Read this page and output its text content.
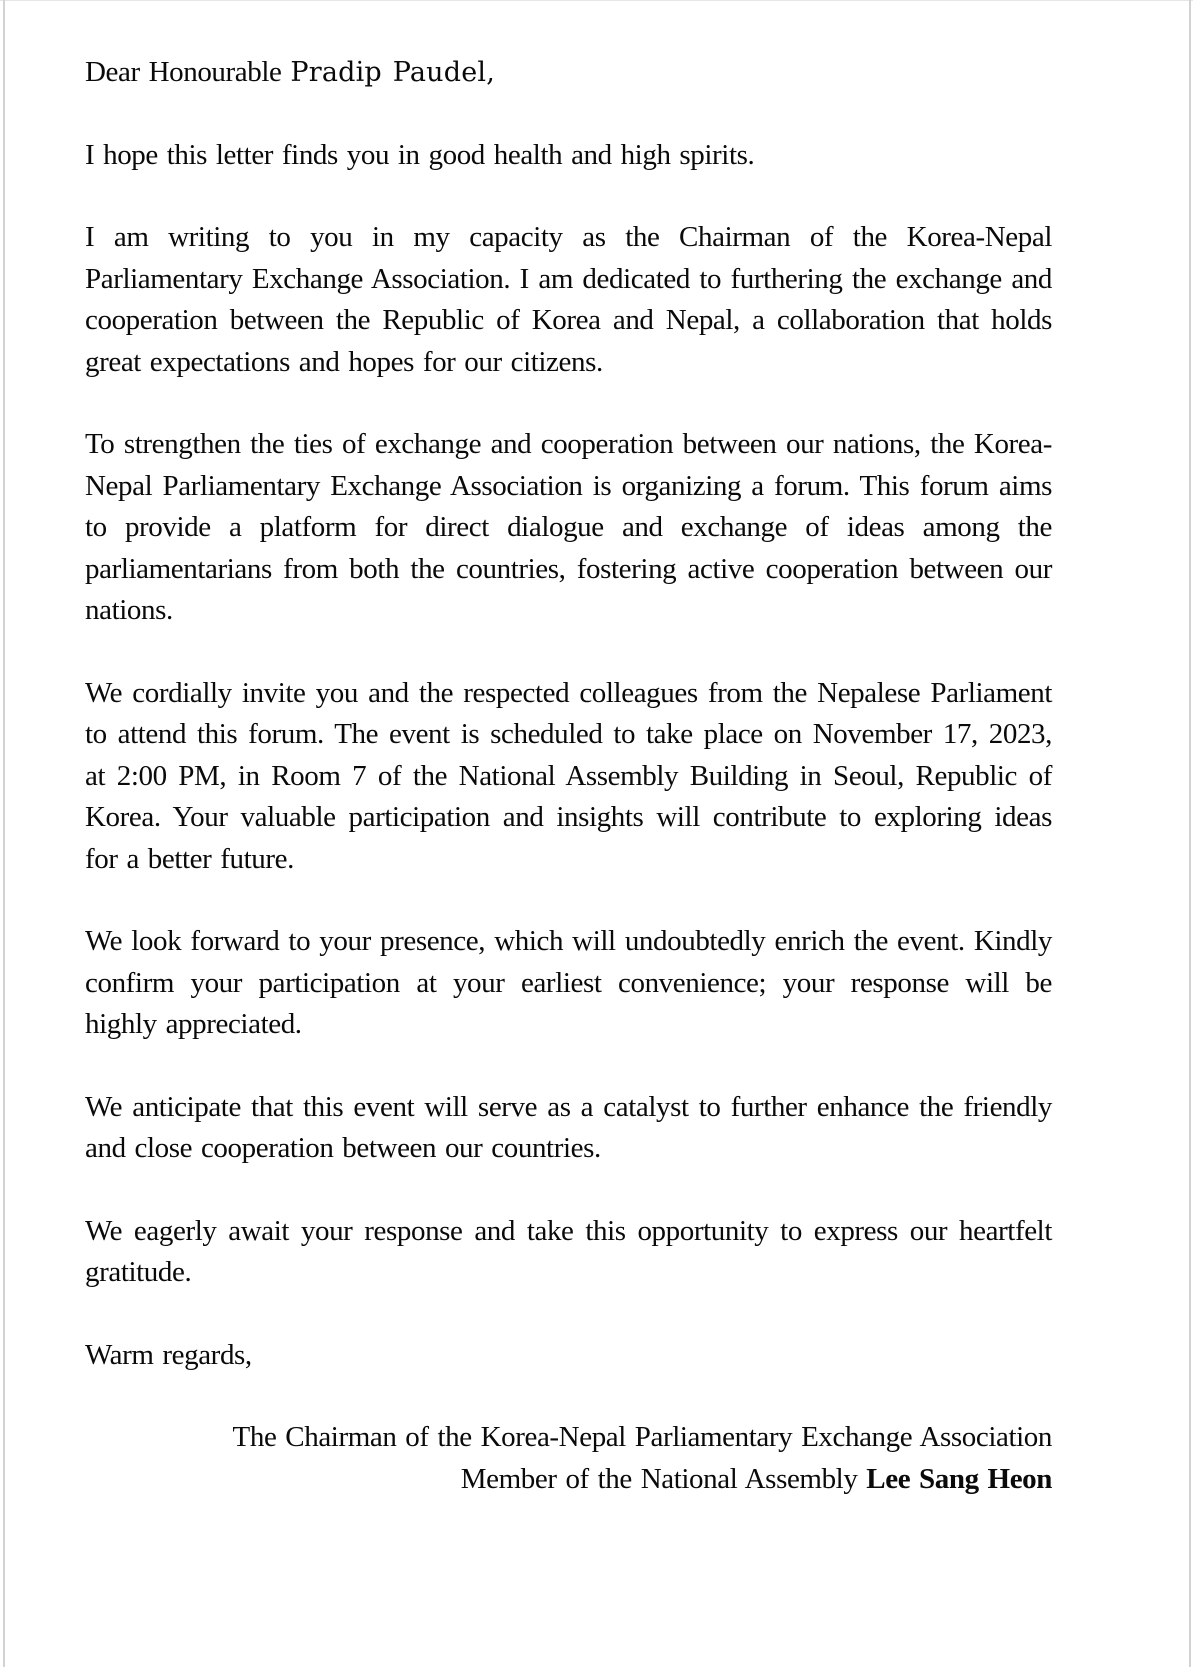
Dear Honourable Pradip Paudel,

I hope this letter finds you in good health and high spirits.

I am writing to you in my capacity as the Chairman of the Korea-Nepal Parliamentary Exchange Association. I am dedicated to furthering the exchange and cooperation between the Republic of Korea and Nepal, a collaboration that holds great expectations and hopes for our citizens.

To strengthen the ties of exchange and cooperation between our nations, the Korea-Nepal Parliamentary Exchange Association is organizing a forum. This forum aims to provide a platform for direct dialogue and exchange of ideas among the parliamentarians from both the countries, fostering active cooperation between our nations.

We cordially invite you and the respected colleagues from the Nepalese Parliament to attend this forum. The event is scheduled to take place on November 17, 2023, at 2:00 PM, in Room 7 of the National Assembly Building in Seoul, Republic of Korea. Your valuable participation and insights will contribute to exploring ideas for a better future.

We look forward to your presence, which will undoubtedly enrich the event. Kindly confirm your participation at your earliest convenience; your response will be highly appreciated.

We anticipate that this event will serve as a catalyst to further enhance the friendly and close cooperation between our countries.

We eagerly await your response and take this opportunity to express our heartfelt gratitude.

Warm regards,

The Chairman of the Korea-Nepal Parliamentary Exchange Association

Member of the National Assembly Lee Sang Heon
